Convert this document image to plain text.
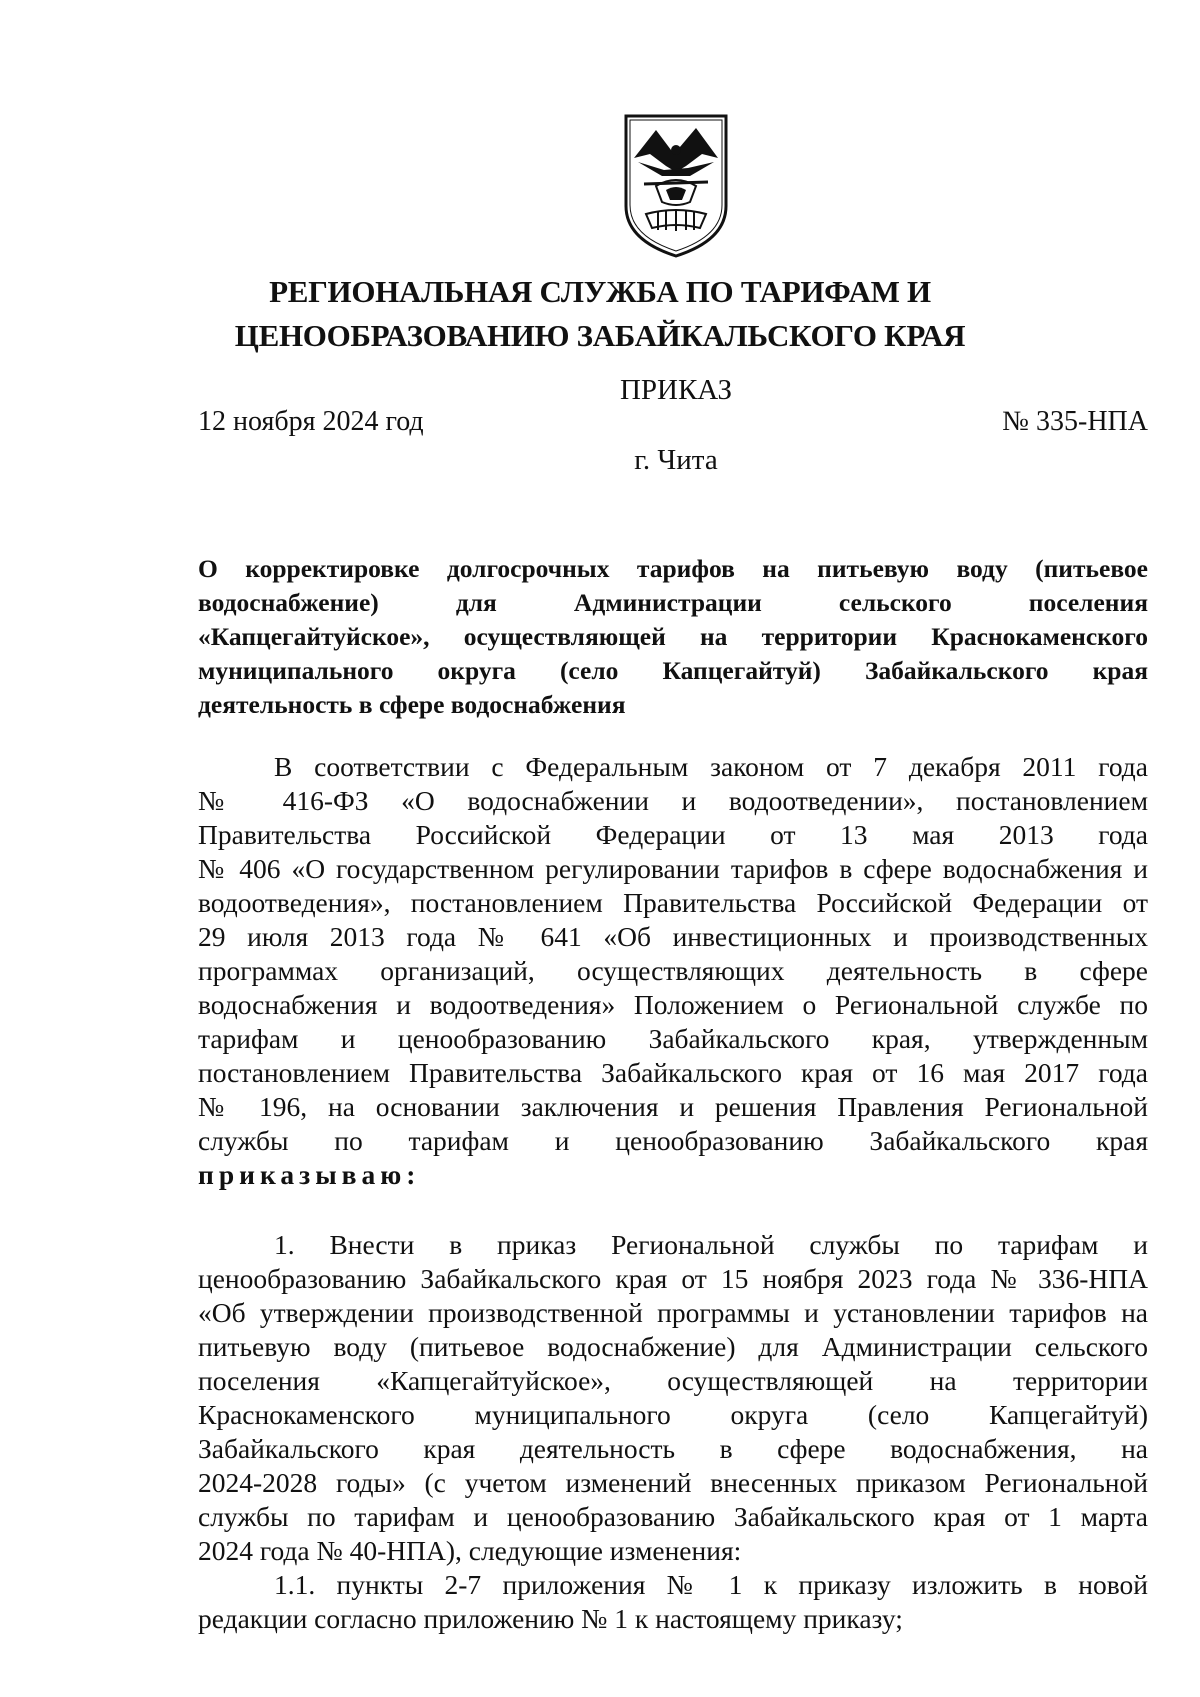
РЕГИОНАЛЬНАЯ СЛУЖБА ПО ТАРИФАМ И
ЦЕНООБРАЗОВАНИЮ ЗАБАЙКАЛЬСКОГО КРАЯ
ПРИКАЗ
12 ноября 2024 год	№ 335-НПА
г. Чита
О корректировке долгосрочных тарифов на питьевую воду (питьевое
водоснабжение) для Администрации сельского поселения
«Капцегайтуйское», осуществляющей на территории Краснокаменского
муниципального округа (село Капцегайтуй) Забайкальского края
деятельность в сфере водоснабжения
В соответствии с Федеральным законом от 7 декабря 2011 года
№ 416-ФЗ «О водоснабжении и водоотведении», постановлением
Правительства Российской Федерации от 13 мая 2013 года
№ 406 «О государственном регулировании тарифов в сфере водоснабжения и
водоотведения», постановлением Правительства Российской Федерации от
29 июля 2013 года № 641 «Об инвестиционных и производственных
программах организаций, осуществляющих деятельность в сфере
водоснабжения и водоотведения» Положением о Региональной службе по
тарифам и ценообразованию Забайкальского края, утвержденным
постановлением Правительства Забайкальского края от 16 мая 2017 года
№ 196, на основании заключения и решения Правления Региональной
службы по тарифам и ценообразованию Забайкальского края
приказываю:
1. Внести в приказ Региональной службы по тарифам и
ценообразованию Забайкальского края от 15 ноября 2023 года № 336-НПА
«Об утверждении производственной программы и установлении тарифов на
питьевую воду (питьевое водоснабжение) для Администрации сельского
поселения «Капцегайтуйское», осуществляющей на территории
Краснокаменского муниципального округа (село Капцегайтуй)
Забайкальского края деятельность в сфере водоснабжения, на
2024-2028 годы» (с учетом изменений внесенных приказом Региональной
службы по тарифам и ценообразованию Забайкальского края от 1 марта
2024 года № 40-НПА), следующие изменения:
1.1. пункты 2-7 приложения № 1 к приказу изложить в новой
редакции согласно приложению № 1 к настоящему приказу;
